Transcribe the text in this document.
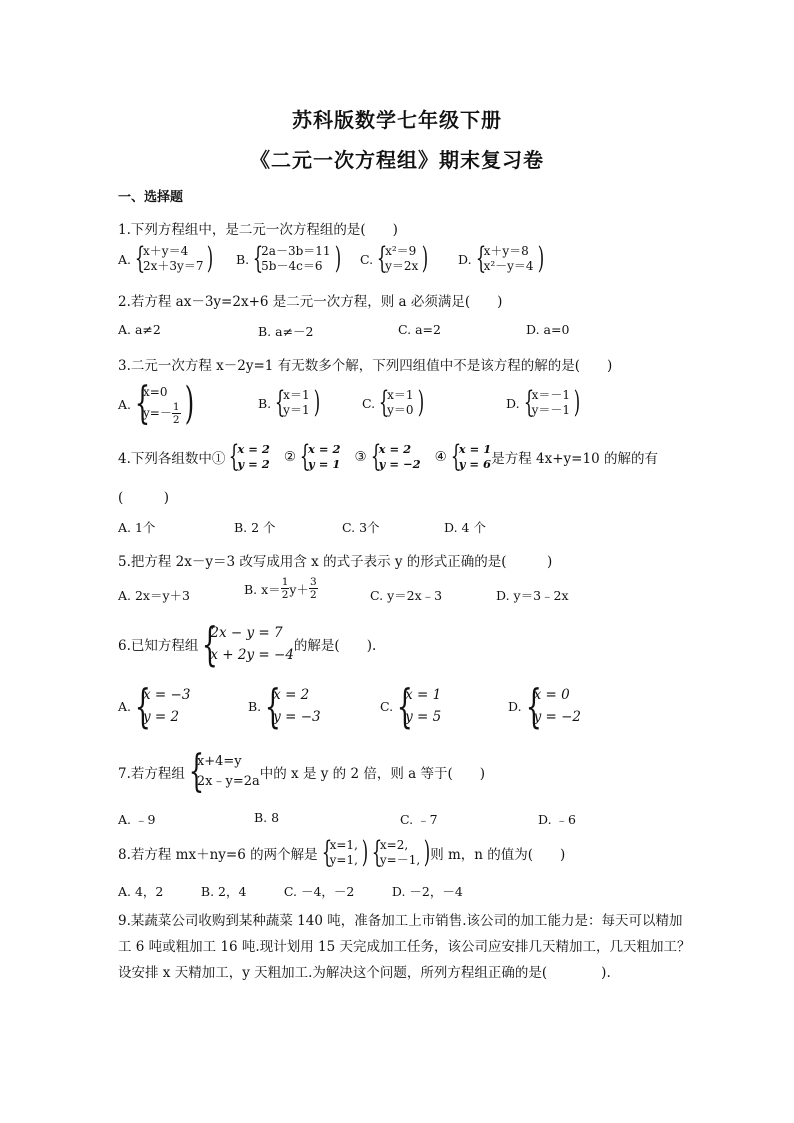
苏科版数学七年级下册
《二元一次方程组》期末复习卷
一、选择题
1.下列方程组中，是二元一次方程组的是(　　)
A. {
x＋y＝4
2x＋3y＝7 ) B. {
2a－3b＝11
5b－4c＝6 ) C. {
x²＝9
y＝2x ) D. {
x＋y＝8
x²－y＝4 )
2.若方程 ax－3y=2x+6 是二元一次方程，则 a 必须满足(　　)
A. a≠2	B. a≠－2	C. a=2	D. a=0
3.二元一次方程 x－2y=1 有无数多个解，下列四组值中不是该方程的解的是(　　)
A. {
x=0
$y=- \frac{1}{2}$ )	B. {
x＝1
y＝1 )	C. {
x＝1
y＝0 )	D. {
x＝－1
y＝－1 )
4.下列各组数中① {
x = 2
y = 2 ② {
x = 2
y = 1 ③ {
x = 2
y = −2 ④ {
x = 1
y = 6 是方程 4x+y=10 的解的有
(　　　)
A. 1个	B. 2 个	C. 3个	D. 4 个
5.把方程 2x－y＝3 改写成用含 x 的式子表示 y 的形式正确的是(　　　)
A. 2x＝y＋3	B. $x= \frac{1}{2} y+ \frac{3}{2}$	C. y＝2x﹣3	D. y＝3﹣2x
6.已知方程组 {
2x − y = 7
x + 2y = −4
的解是(　　).
A. {
x = −3
y = 2
B. {
x = 2
y = −3
C. {
x = 1
y = 5
D. {
x = 0
y = −2
7.若方程组 {
x+4=y
2x﹣y=2a 中的 x 是 y 的 2 倍，则 a 等于(　　)
A. ﹣9	B. 8	C. ﹣7	D. ﹣6
8.若方程 mx＋ny=6 的两个解是 {
x=1,
y=1, ) {
x=2,
y=－1, ) 则 m，n 的值为(　　)
A. 4，2　　　B. 2，4　　　C. －4，－2　　　D. －2，－4
9.某蔬菜公司收购到某种蔬菜 140 吨，准备加工上市销售.该公司的加工能力是：每天可以精加
工 6 吨或粗加工 16 吨.现计划用 15 天完成加工任务，该公司应安排几天精加工，几天粗加工？
设安排 x 天精加工，y 天粗加工.为解决这个问题，所列方程组正确的是(　　　　).
